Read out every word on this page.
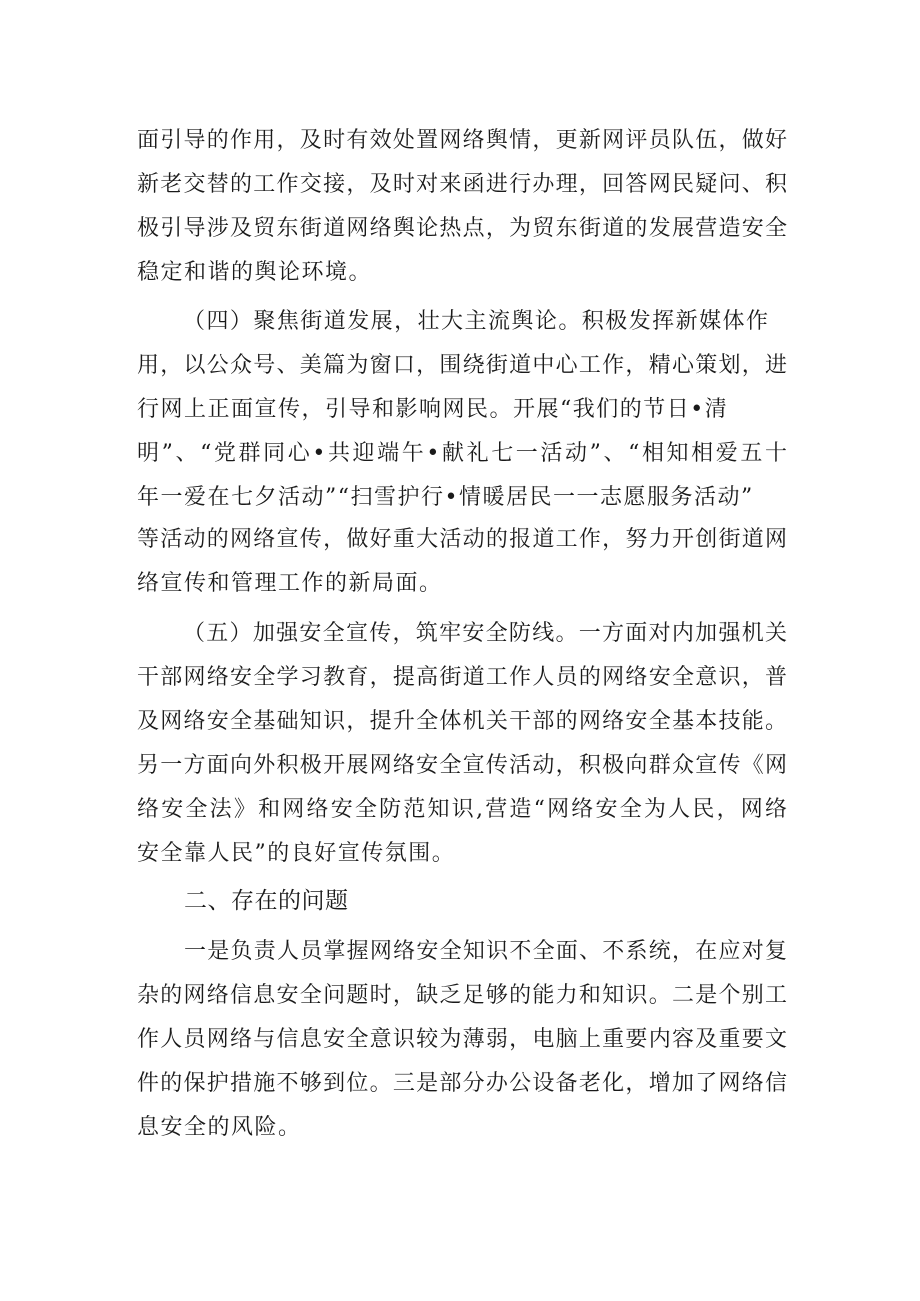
面引导的作用，及时有效处置网络舆情，更新网评员队伍，做好
新老交替的工作交接，及时对来函进行办理，回答网民疑问、积
极引导涉及贸东街道网络舆论热点，为贸东街道的发展营造安全
稳定和谐的舆论环境。
（四）聚焦街道发展，壮大主流舆论。积极发挥新媒体作
用，以公众号、美篇为窗口，围绕街道中心工作，精心策划，进
行网上正面宣传，引导和影响网民。开展“我们的节日•清
明”、“党群同心•共迎端午•献礼七一活动”、“相知相爱五十
年一爱在七夕活动”“扫雪护行•情暖居民一一志愿服务活动”
等活动的网络宣传，做好重大活动的报道工作，努力开创街道网
络宣传和管理工作的新局面。
（五）加强安全宣传，筑牢安全防线。一方面对内加强机关
干部网络安全学习教育，提高街道工作人员的网络安全意识，普
及网络安全基础知识，提升全体机关干部的网络安全基本技能。
另一方面向外积极开展网络安全宣传活动，积极向群众宣传《网
络安全法》和网络安全防范知识,营造“网络安全为人民，网络
安全靠人民”的良好宣传氛围。
二、存在的问题
一是负责人员掌握网络安全知识不全面、不系统，在应对复
杂的网络信息安全问题时，缺乏足够的能力和知识。二是个别工
作人员网络与信息安全意识较为薄弱，电脑上重要内容及重要文
件的保护措施不够到位。三是部分办公设备老化，增加了网络信
息安全的风险。
